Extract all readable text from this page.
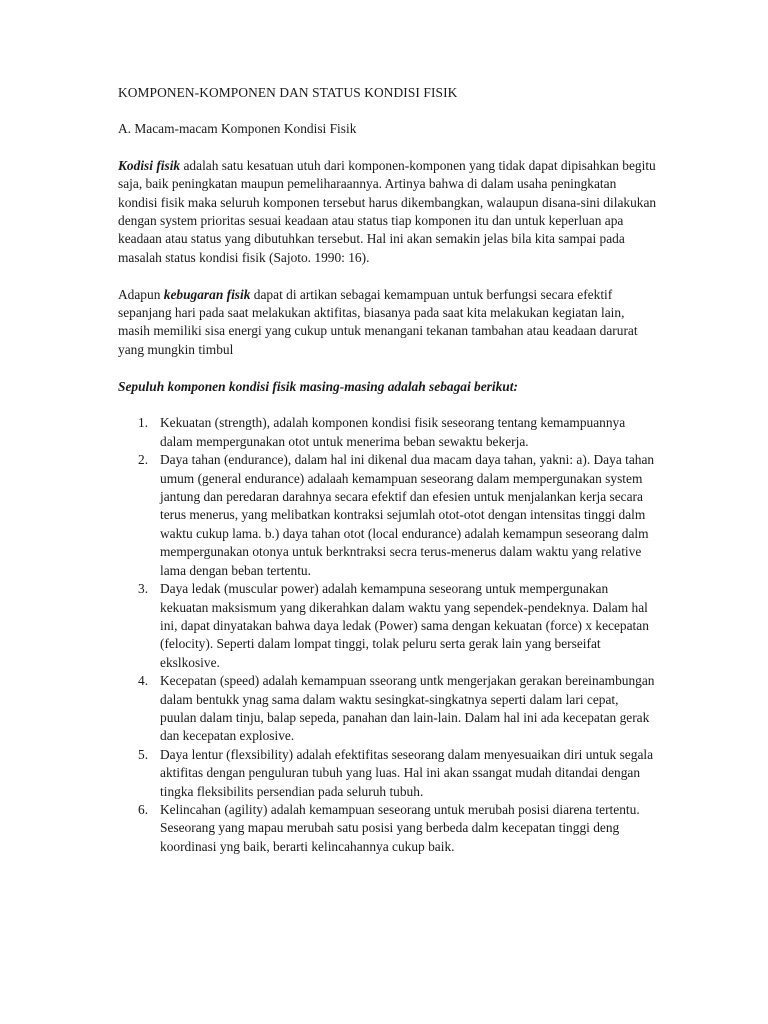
KOMPONEN-KOMPONEN DAN STATUS KONDISI FISIK
A. Macam-macam Komponen Kondisi Fisik

Kodisi fisik adalah satu kesatuan utuh dari komponen-komponen yang tidak dapat dipisahkan begitu saja, baik peningkatan maupun pemeliharaannya. Artinya bahwa di dalam usaha peningkatan kondisi fisik maka seluruh komponen tersebut harus dikembangkan, walaupun disana-sini dilakukan dengan system prioritas sesuai keadaan atau status tiap komponen itu dan untuk keperluan apa keadaan atau status yang dibutuhkan tersebut. Hal ini akan semakin jelas bila kita sampai pada masalah status kondisi fisik (Sajoto. 1990: 16).

Adapun kebugaran fisik dapat di artikan sebagai kemampuan untuk berfungsi secara efektif sepanjang hari pada saat melakukan aktifitas, biasanya pada saat kita melakukan kegiatan lain, masih memiliki sisa energi yang cukup untuk menangani tekanan tambahan atau keadaan darurat yang mungkin timbul

Sepuluh komponen kondisi fisik masing-masing adalah sebagai berikut:
1. Kekuatan (strength), adalah komponen kondisi fisik seseorang tentang kemampuannya dalam mempergunakan otot untuk menerima beban sewaktu bekerja.
2. Daya tahan (endurance), dalam hal ini dikenal dua macam daya tahan, yakni: a). Daya tahan umum (general endurance) adalaah kemampuan seseorang dalam mempergunakan system jantung dan peredaran darahnya secara efektif dan efesien untuk menjalankan kerja secara terus menerus, yang melibatkan kontraksi sejumlah otot-otot dengan intensitas tinggi dalm waktu cukup lama. b.) daya tahan otot (local endurance) adalah kemampun seseorang dalm mempergunakan otonya untuk berkntraksi secra terus-menerus dalam waktu yang relative lama dengan beban tertentu.
3. Daya ledak (muscular power) adalah kemampuna seseorang untuk mempergunakan kekuatan maksismum yang dikerahkan dalam waktu yang sependek-pendeknya. Dalam hal ini, dapat dinyatakan bahwa daya ledak (Power) sama dengan kekuatan (force) x kecepatan (felocity). Seperti dalam lompat tinggi, tolak peluru serta gerak lain yang berseifat ekslkosive.
4. Kecepatan (speed) adalah kemampuan sseorang untk mengerjakan gerakan bereinambungan dalam bentukk ynag sama dalam waktu sesingkat-singkatnya seperti dalam lari cepat, puulan dalam tinju, balap sepeda, panahan dan lain-lain. Dalam hal ini ada kecepatan gerak dan kecepatan explosive.
5. Daya lentur (flexsibility) adalah efektifitas seseorang dalam menyesuaikan diri untuk segala aktifitas dengan penguluran tubuh yang luas. Hal ini akan ssangat mudah ditandai dengan tingka fleksibilits persendian pada seluruh tubuh.
6. Kelincahan (agility) adalah kemampuan seseorang untuk merubah posisi diarena tertentu. Seseorang yang mapau merubah satu posisi yang berbeda dalm kecepatan tinggi deng koordinasi yng baik, berarti kelincahannya cukup baik.
